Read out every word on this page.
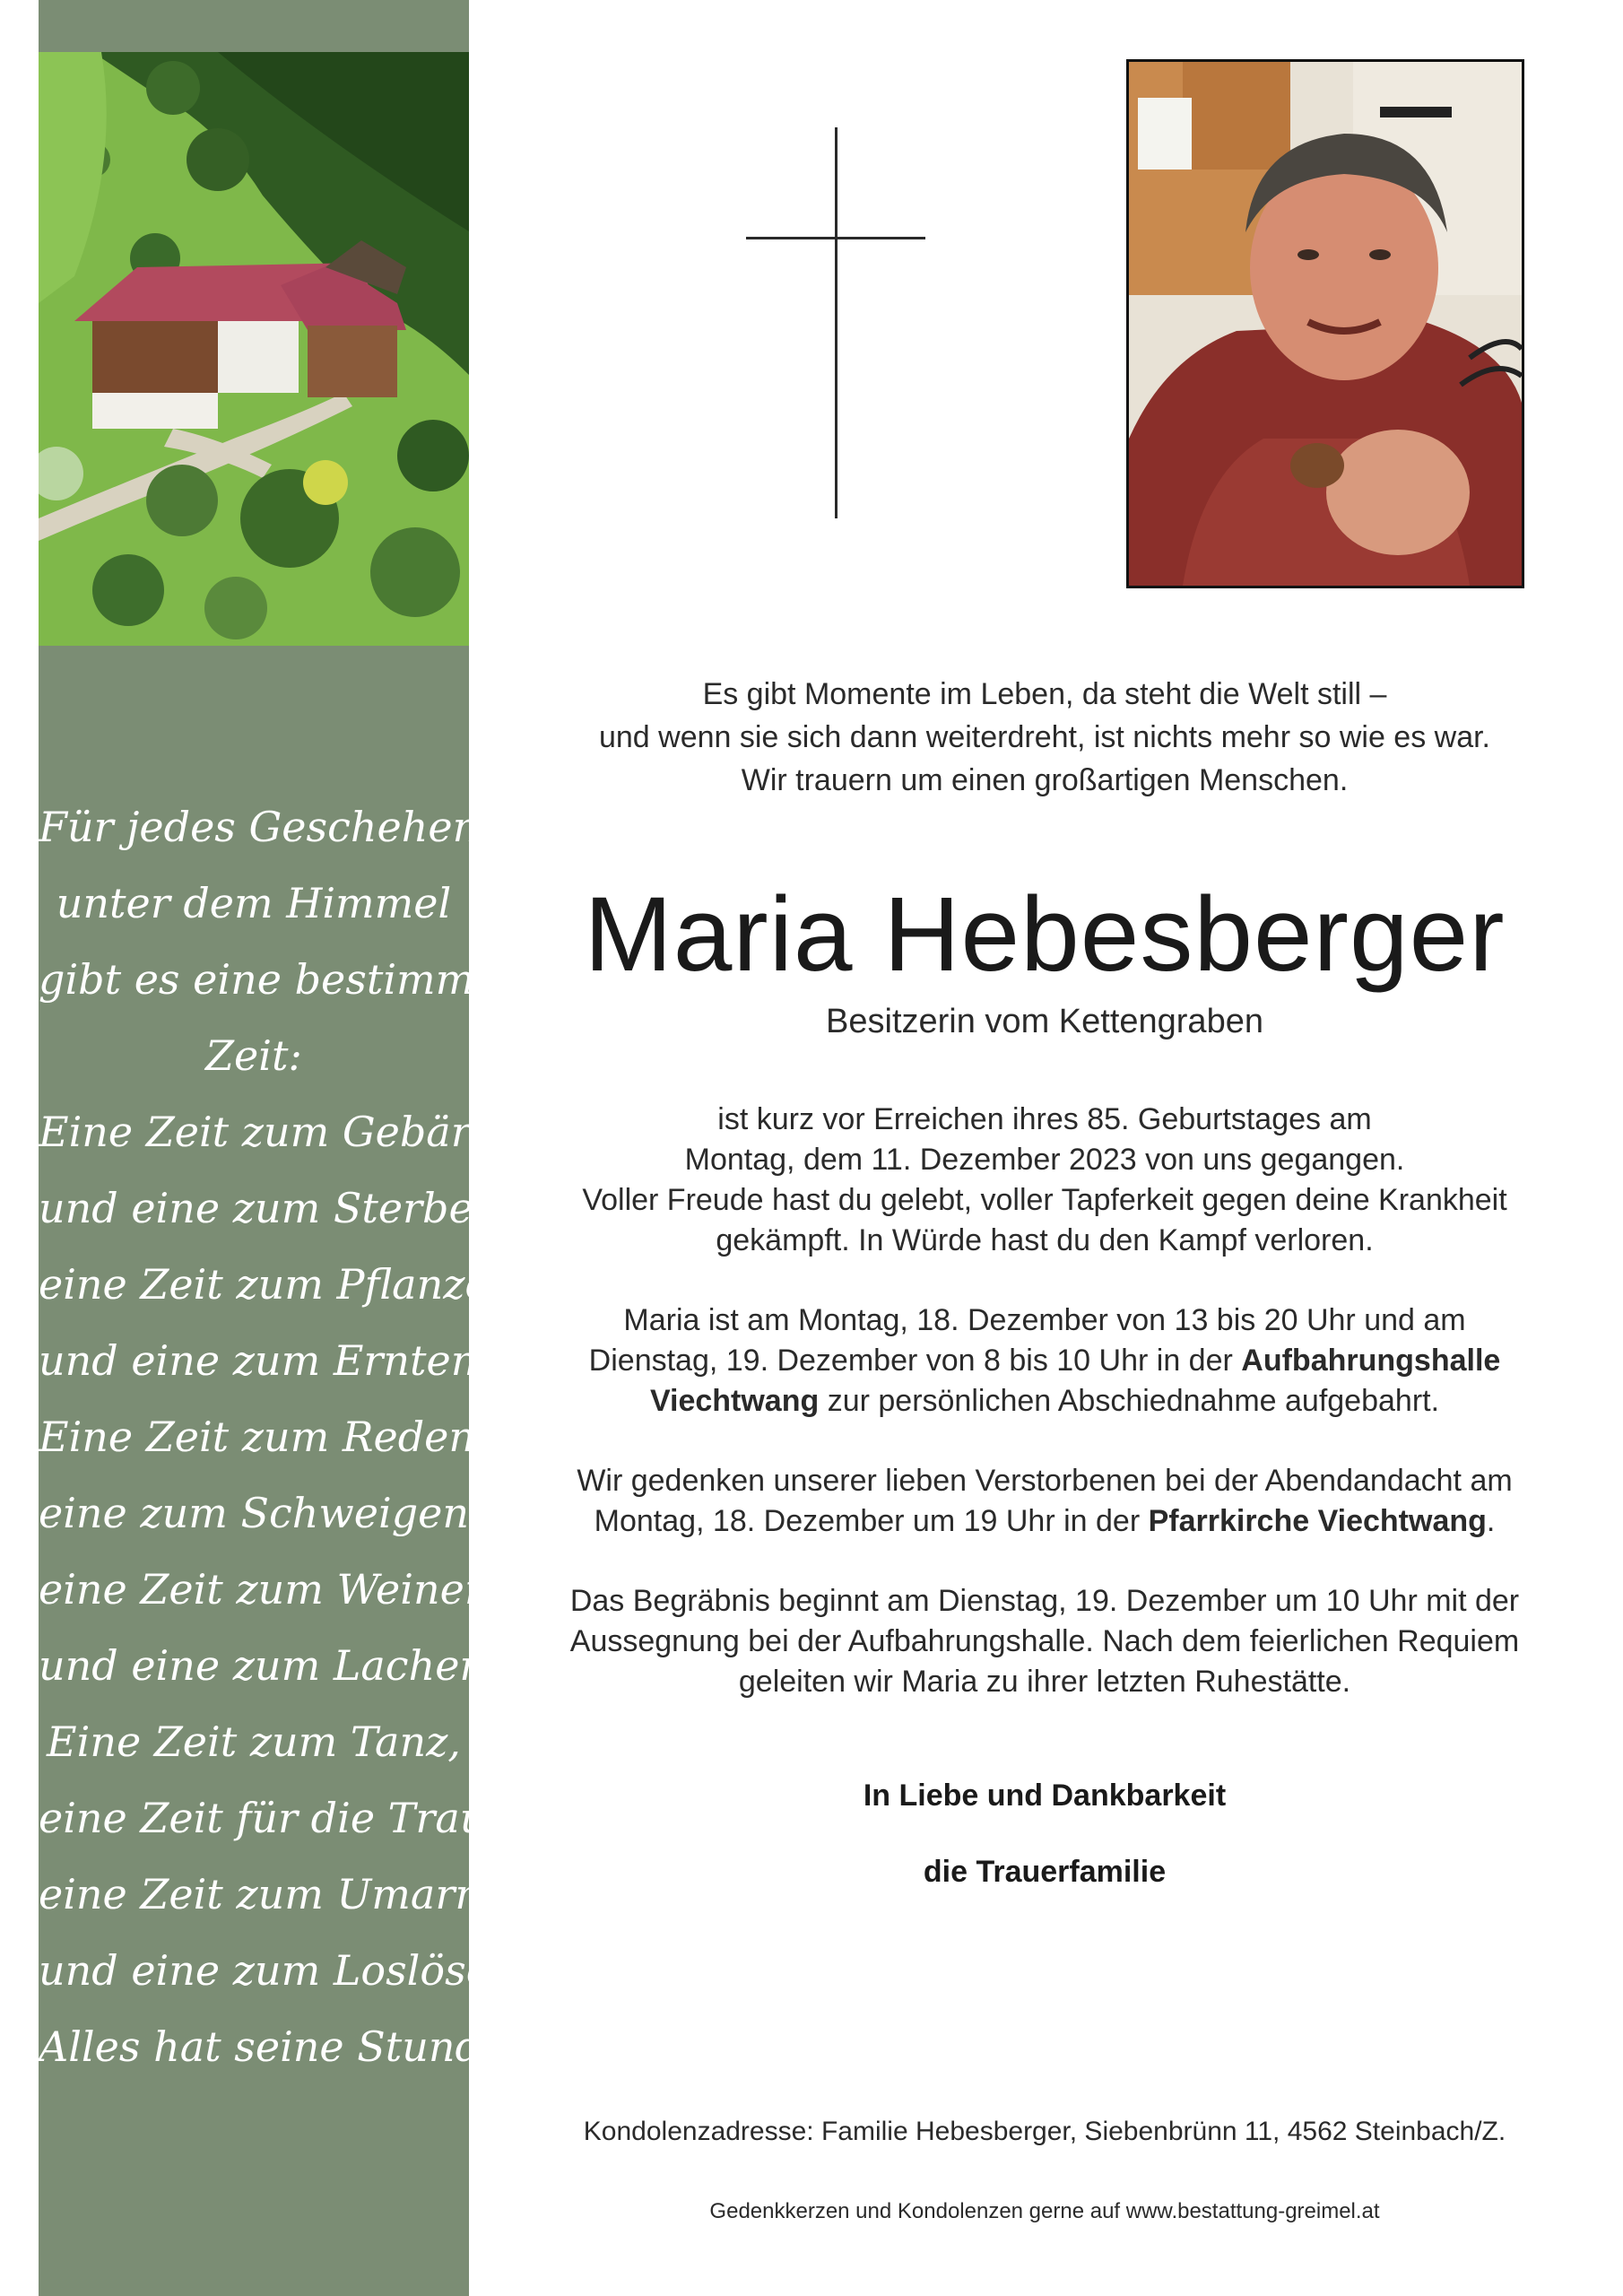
Für jedes Geschehen
unter dem Himmel
gibt es eine bestimmte
Zeit:
Eine Zeit zum Gebären
und eine zum Sterben,
eine Zeit zum Pflanzen
und eine zum Ernten.
Eine Zeit zum Reden,
eine zum Schweigen,
eine Zeit zum Weinen
und eine zum Lachen.
Eine Zeit zum Tanz,
eine Zeit für die Trauer,
eine Zeit zum Umarmen
und eine zum Loslösen.
Alles hat seine Stunde.
Es gibt Momente im Leben, da steht die Welt still –
und wenn sie sich dann weiterdreht, ist nichts mehr so wie es war.
Wir trauern um einen großartigen Menschen.
Maria Hebesberger
Besitzerin vom Kettengraben
ist kurz vor Erreichen ihres 85. Geburtstages am
Montag, dem 11. Dezember 2023 von uns gegangen.
Voller Freude hast du gelebt, voller Tapferkeit gegen deine Krankheit
gekämpft. In Würde hast du den Kampf verloren.
Maria ist am Montag, 18. Dezember von 13 bis 20 Uhr und am
Dienstag, 19. Dezember von 8 bis 10 Uhr in der Aufbahrungshalle
Viechtwang zur persönlichen Abschiednahme aufgebahrt.
Wir gedenken unserer lieben Verstorbenen bei der Abendandacht am
Montag, 18. Dezember um 19 Uhr in der Pfarrkirche Viechtwang.
Das Begräbnis beginnt am Dienstag, 19. Dezember um 10 Uhr mit der
Aussegnung bei der Aufbahrungshalle. Nach dem feierlichen Requiem
geleiten wir Maria zu ihrer letzten Ruhestätte.
In Liebe und Dankbarkeit
die Trauerfamilie
Kondolenzadresse: Familie Hebesberger, Siebenbrünn 11, 4562 Steinbach/Z.
Gedenkkerzen und Kondolenzen gerne auf www.bestattung-greimel.at
